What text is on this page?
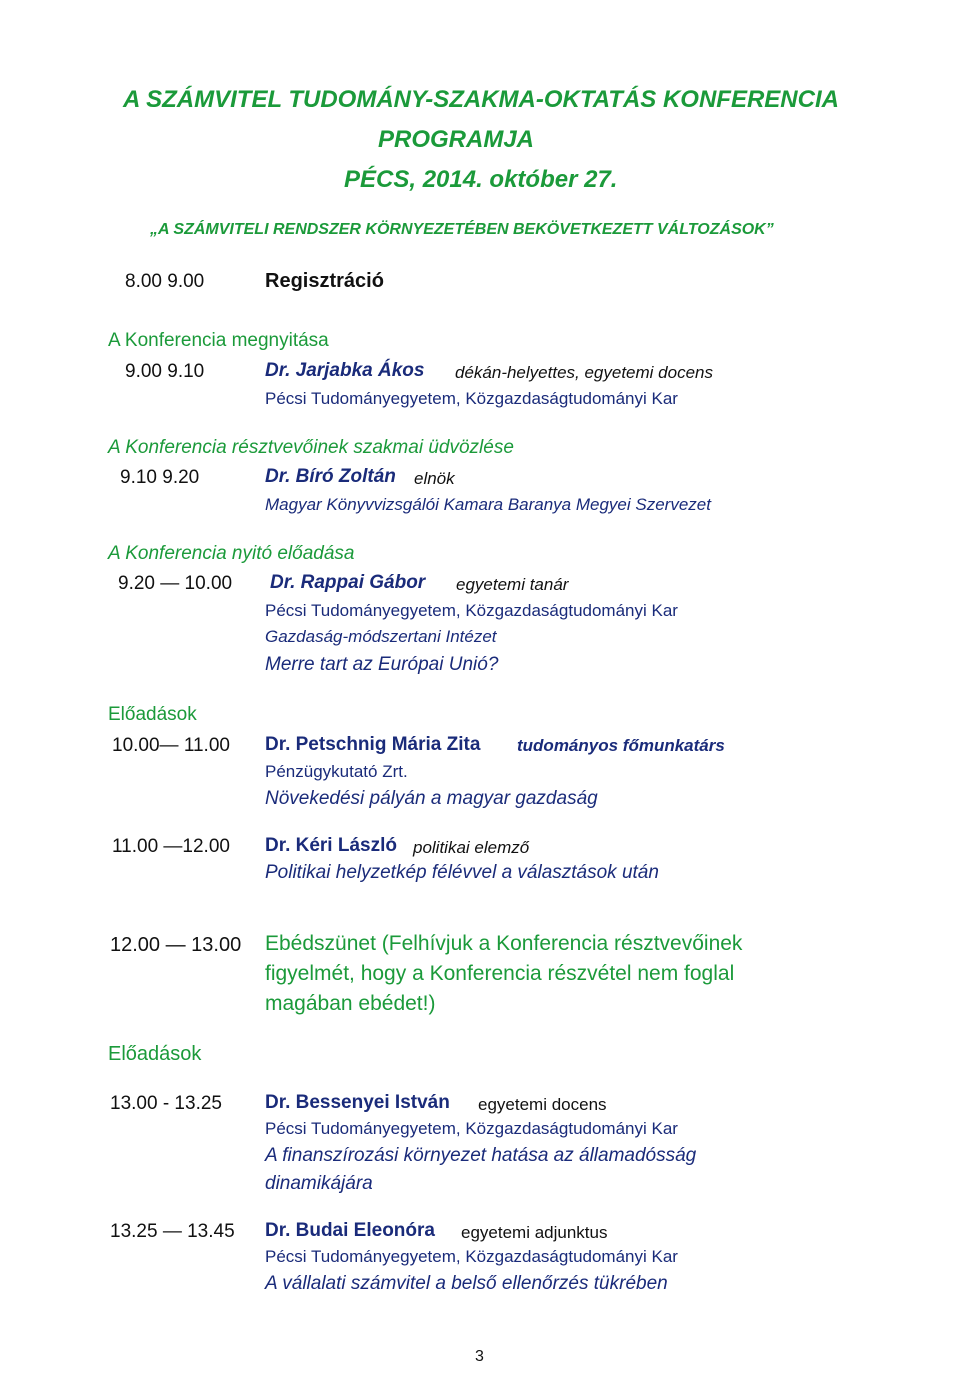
A SZÁMVITEL TUDOMÁNY-SZAKMA-OKTATÁS KONFERENCIA
PROGRAMJA
PÉCS, 2014. október 27.
„A SZÁMVITELI RENDSZER KÖRNYEZETÉBEN BEKÖVETKEZETT VÁLTOZÁSOK”
8.00 9.00	Regisztráció
A Konferencia megnyitása
9.00 9.10	Dr. Jarjabka Ákos dékán-helyettes, egyetemi docens
Pécsi Tudományegyetem, Közgazdaságtudományi Kar
A Konferencia résztvevőinek szakmai üdvözlése
9.10 9.20	Dr. Bíró Zoltán elnök
Magyar Könyvvizsgálói Kamara Baranya Megyei Szervezet
A Konferencia nyitó előadása
9.20 — 10.00 Dr. Rappai Gábor egyetemi tanár
Pécsi Tudományegyetem, Közgazdaságtudományi Kar
Gazdaság-módszertani Intézet
Merre tart az Európai Unió?
Előadások
10.00— 11.00 Dr. Petschnig Mária Zita tudományos főmunkatárs
Pénzügykutató Zrt.
Növekedési pályán a magyar gazdaság
11.00 —12.00 Dr. Kéri László politikai elemző
Politikai helyzetkép félévvel a választások után
12.00 — 13.00 Ebédszünet (Felhívjuk a Konferencia résztvevőinek
figyelmét, hogy a Konferencia részvétel nem foglal
magában ebédet!)
Előadások
13.00 - 13.25 Dr. Bessenyei István egyetemi docens
Pécsi Tudományegyetem, Közgazdaságtudományi Kar
A finanszírozási környezet hatása az államadósság
dinamikájára
13.25 — 13.45 Dr. Budai Eleonóra egyetemi adjunktus
Pécsi Tudományegyetem, Közgazdaságtudományi Kar
A vállalati számvitel a belső ellenőrzés tükrében
3
